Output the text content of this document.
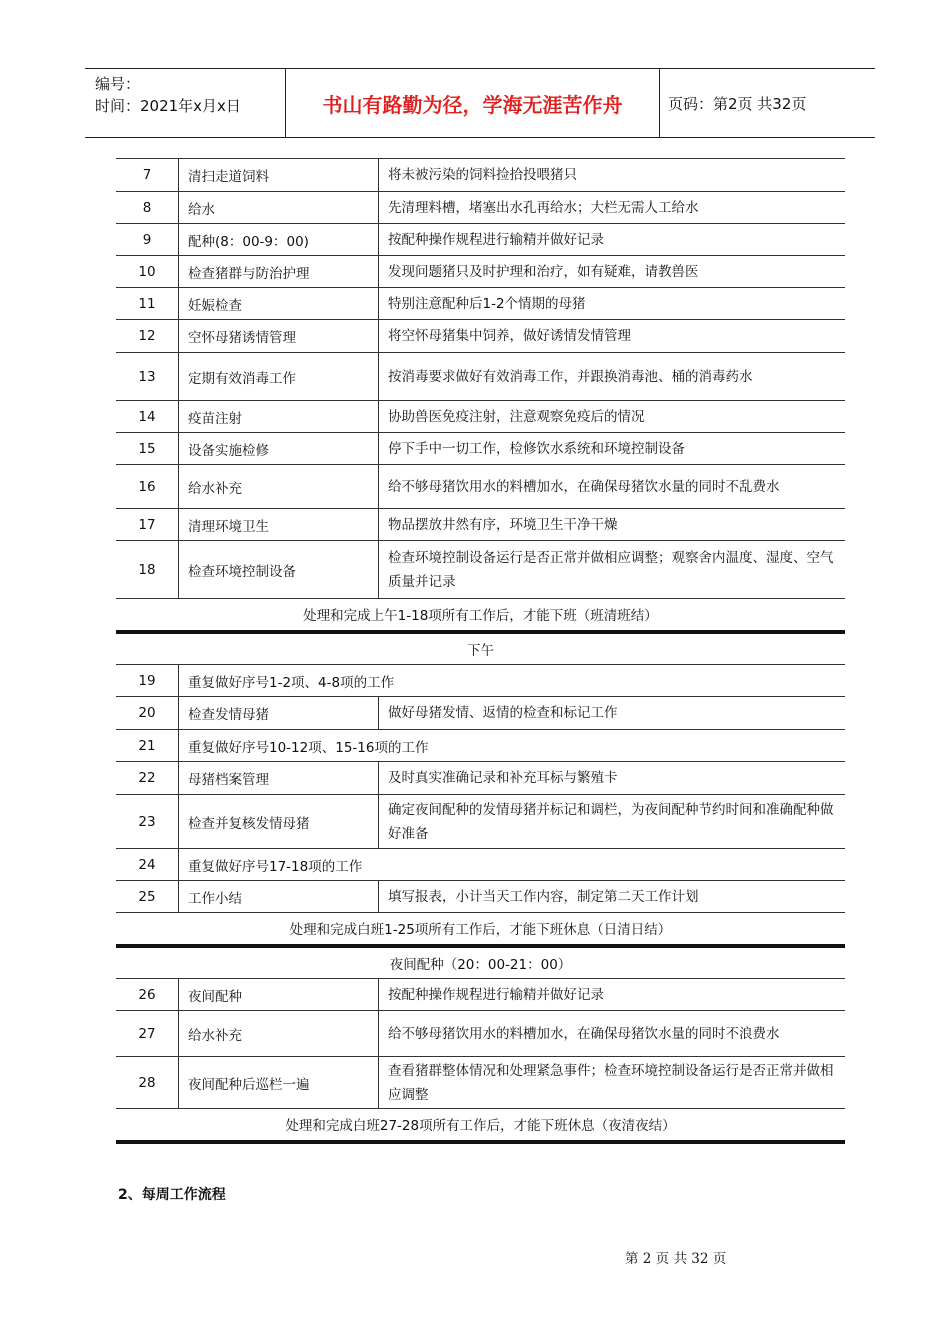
编号：
时间：2021年x月x日	书山有路勤为径，学海无涯苦作舟	页码：第2页 共32页
7	清扫走道饲料	将未被污染的饲料捡拾投喂猪只
8	给水	先清理料槽，堵塞出水孔再给水；大栏无需人工给水
9	配种(8：00-9：00)	按配种操作规程进行输精并做好记录
10	检查猪群与防治护理	发现问题猪只及时护理和治疗，如有疑难，请教兽医
11	妊娠检查	特别注意配种后1-2个情期的母猪
12	空怀母猪诱情管理	将空怀母猪集中饲养，做好诱情发情管理
13	定期有效消毒工作	按消毒要求做好有效消毒工作，并跟换消毒池、桶的消毒药水
14	疫苗注射	协助兽医免疫注射，注意观察免疫后的情况
15	设备实施检修	停下手中一切工作，检修饮水系统和环境控制设备
16	给水补充	给不够母猪饮用水的料槽加水，在确保母猪饮水量的同时不乱费水
17	清理环境卫生	物品摆放井然有序，环境卫生干净干燥
18	检查环境控制设备	检查环境控制设备运行是否正常并做相应调整；观察舍内温度、湿度、空气质量并记录
处理和完成上午1-18项所有工作后，才能下班（班清班结）		
下午		
19	重复做好序号1-2项、4-8项的工作	
20	检查发情母猪	做好母猪发情、返情的检查和标记工作
21	重复做好序号10-12项、15-16项的工作	
22	母猪档案管理	及时真实准确记录和补充耳标与繁殖卡
23	检查并复核发情母猪	确定夜间配种的发情母猪并标记和调栏，为夜间配种节约时间和准确配种做好准备
24	重复做好序号17-18项的工作	
25	工作小结	填写报表，小计当天工作内容，制定第二天工作计划
处理和完成白班1-25项所有工作后，才能下班休息（日清日结）		
夜间配种（20：00-21：00）		
26	夜间配种	按配种操作规程进行输精并做好记录
27	给水补充	给不够母猪饮用水的料槽加水，在确保母猪饮水量的同时不浪费水
28	夜间配种后巡栏一遍	查看猪群整体情况和处理紧急事件；检查环境控制设备运行是否正常并做相应调整
处理和完成白班27-28项所有工作后，才能下班休息（夜清夜结）		
2、每周工作流程
第 2 页 共 32 页
